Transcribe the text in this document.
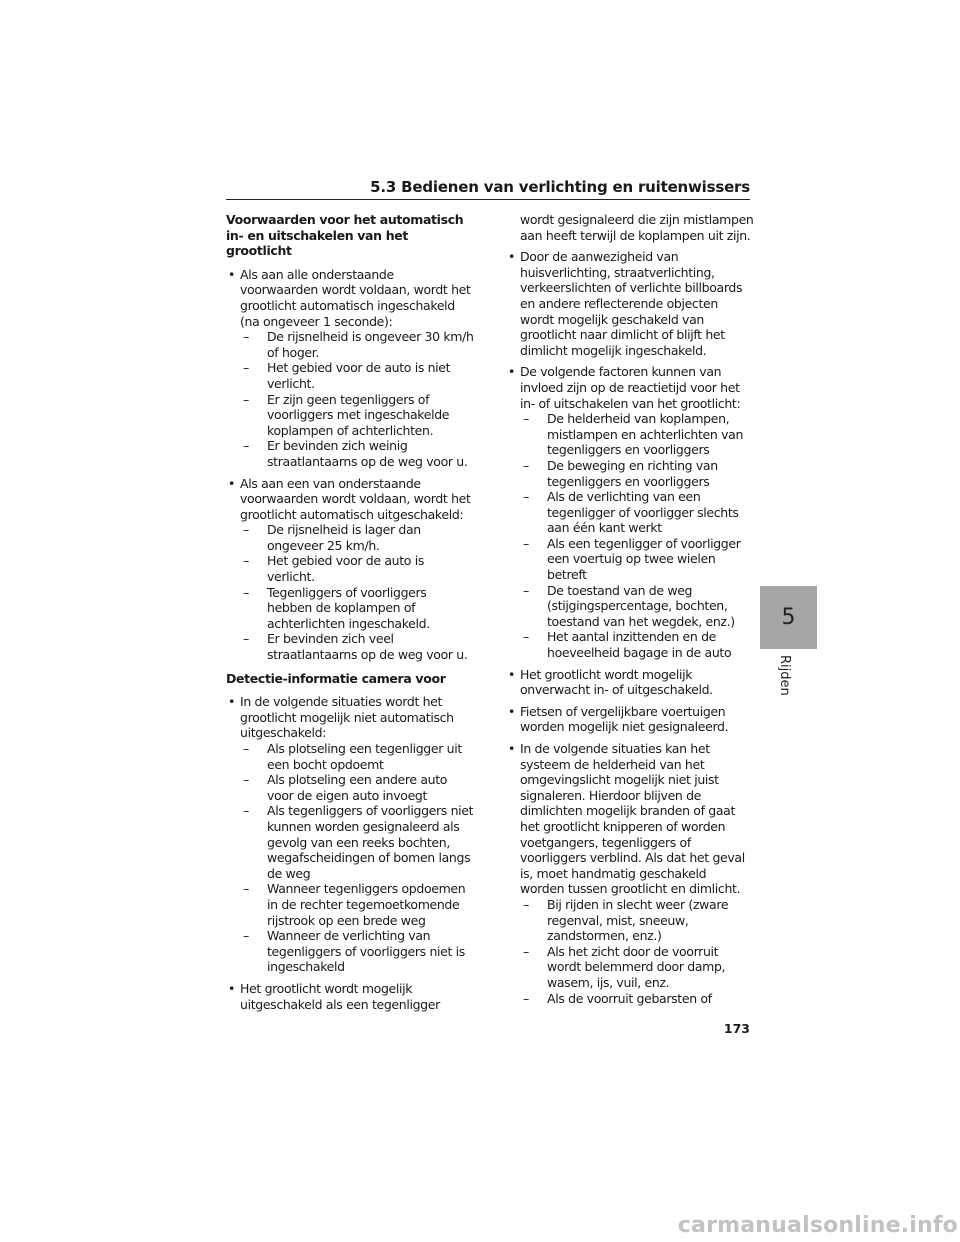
5.3 Bedienen van verlichting en ruitenwissers
Voorwaarden voor het automatisch in- en uitschakelen van het grootlicht
• Als aan alle onderstaande voorwaarden wordt voldaan, wordt het grootlicht automatisch ingeschakeld (na ongeveer 1 seconde):
– De rijsnelheid is ongeveer 30 km/h of hoger.
– Het gebied voor de auto is niet verlicht.
– Er zijn geen tegenliggers of voorliggers met ingeschakelde koplampen of achterlichten.
– Er bevinden zich weinig straatlantaarns op de weg voor u.
• Als aan een van onderstaande voorwaarden wordt voldaan, wordt het grootlicht automatisch uitgeschakeld:
– De rijsnelheid is lager dan ongeveer 25 km/h.
– Het gebied voor de auto is verlicht.
– Tegenliggers of voorliggers hebben de koplampen of achterlichten ingeschakeld.
– Er bevinden zich veel straatlantaarns op de weg voor u.
Detectie-informatie camera voor
• In de volgende situaties wordt het grootlicht mogelijk niet automatisch uitgeschakeld:
– Als plotseling een tegenligger uit een bocht opdoemt
– Als plotseling een andere auto voor de eigen auto invoegt
– Als tegenliggers of voorliggers niet kunnen worden gesignaleerd als gevolg van een reeks bochten, wegafscheidingen of bomen langs de weg
– Wanneer tegenliggers opdoemen in de rechter tegemoetkomende rijstrook op een brede weg
– Wanneer de verlichting van tegenliggers of voorliggers niet is ingeschakeld
• Het grootlicht wordt mogelijk uitgeschakeld als een tegenligger
wordt gesignaleerd die zijn mistlampen aan heeft terwijl de koplampen uit zijn.
• Door de aanwezigheid van huisverlichting, straatverlichting, verkeerslichten of verlichte billboards en andere reflecterende objecten wordt mogelijk geschakeld van grootlicht naar dimlicht of blijft het dimlicht mogelijk ingeschakeld.
• De volgende factoren kunnen van invloed zijn op de reactietijd voor het in- of uitschakelen van het grootlicht:
– De helderheid van koplampen, mistlampen en achterlichten van tegenliggers en voorliggers
– De beweging en richting van tegenliggers en voorliggers
– Als de verlichting van een tegenligger of voorligger slechts aan één kant werkt
– Als een tegenligger of voorligger een voertuig op twee wielen betreft
– De toestand van de weg (stijgingspercentage, bochten, toestand van het wegdek, enz.)
– Het aantal inzittenden en de hoeveelheid bagage in de auto
• Het grootlicht wordt mogelijk onverwacht in- of uitgeschakeld.
• Fietsen of vergelijkbare voertuigen worden mogelijk niet gesignaleerd.
• In de volgende situaties kan het systeem de helderheid van het omgevingslicht mogelijk niet juist signaleren. Hierdoor blijven de dimlichten mogelijk branden of gaat het grootlicht knipperen of worden voetgangers, tegenliggers of voorliggers verblind. Als dat het geval is, moet handmatig geschakeld worden tussen grootlicht en dimlicht.
– Bij rijden in slecht weer (zware regenval, mist, sneeuw, zandstormen, enz.)
– Als het zicht door de voorruit wordt belemmerd door damp, wasem, ijs, vuil, enz.
– Als de voorruit gebarsten of
5
Rijden
173
carmanualsonline.info
